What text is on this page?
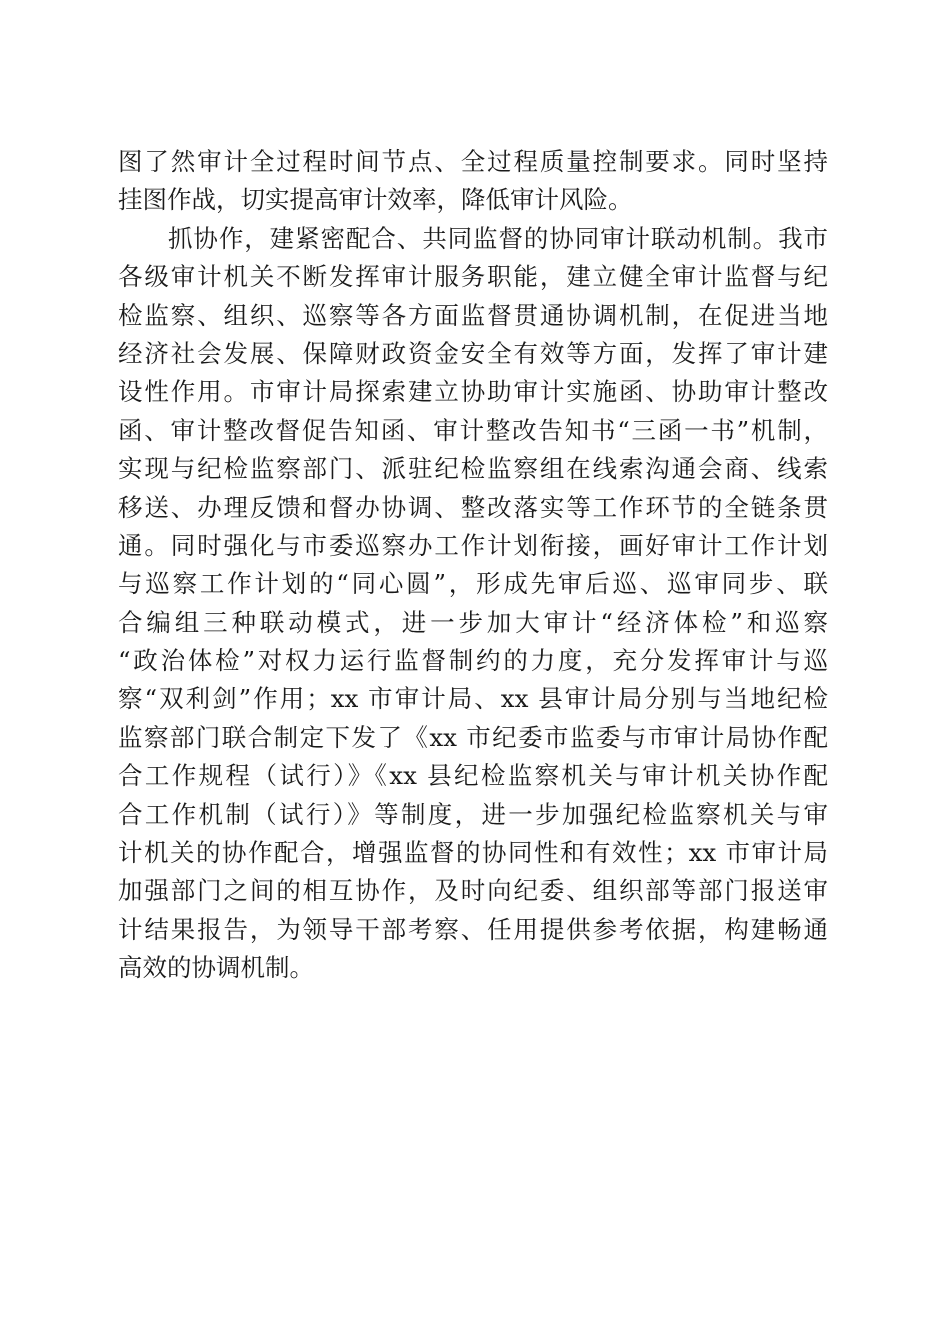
图了然审计全过程时间节点、全过程质量控制要求。同时坚持
挂图作战，切实提高审计效率，降低审计风险。
抓协作，建紧密配合、共同监督的协同审计联动机制。我市
各级审计机关不断发挥审计服务职能，建立健全审计监督与纪
检监察、组织、巡察等各方面监督贯通协调机制，在促进当地
经济社会发展、保障财政资金安全有效等方面，发挥了审计建
设性作用。市审计局探索建立协助审计实施函、协助审计整改
函、审计整改督促告知函、审计整改告知书“三函一书”机制，
实现与纪检监察部门、派驻纪检监察组在线索沟通会商、线索
移送、办理反馈和督办协调、整改落实等工作环节的全链条贯
通。同时强化与市委巡察办工作计划衔接，画好审计工作计划
与巡察工作计划的“同心圆”，形成先审后巡、巡审同步、联
合编组三种联动模式，进一步加大审计“经济体检”和巡察
“政治体检”对权力运行监督制约的力度，充分发挥审计与巡
察“双利剑”作用；xx 市审计局、xx 县审计局分别与当地纪检
监察部门联合制定下发了《xx 市纪委市监委与市审计局协作配
合工作规程（试行）》《xx 县纪检监察机关与审计机关协作配
合工作机制（试行）》等制度，进一步加强纪检监察机关与审
计机关的协作配合，增强监督的协同性和有效性；xx 市审计局
加强部门之间的相互协作，及时向纪委、组织部等部门报送审
计结果报告，为领导干部考察、任用提供参考依据，构建畅通
高效的协调机制。
